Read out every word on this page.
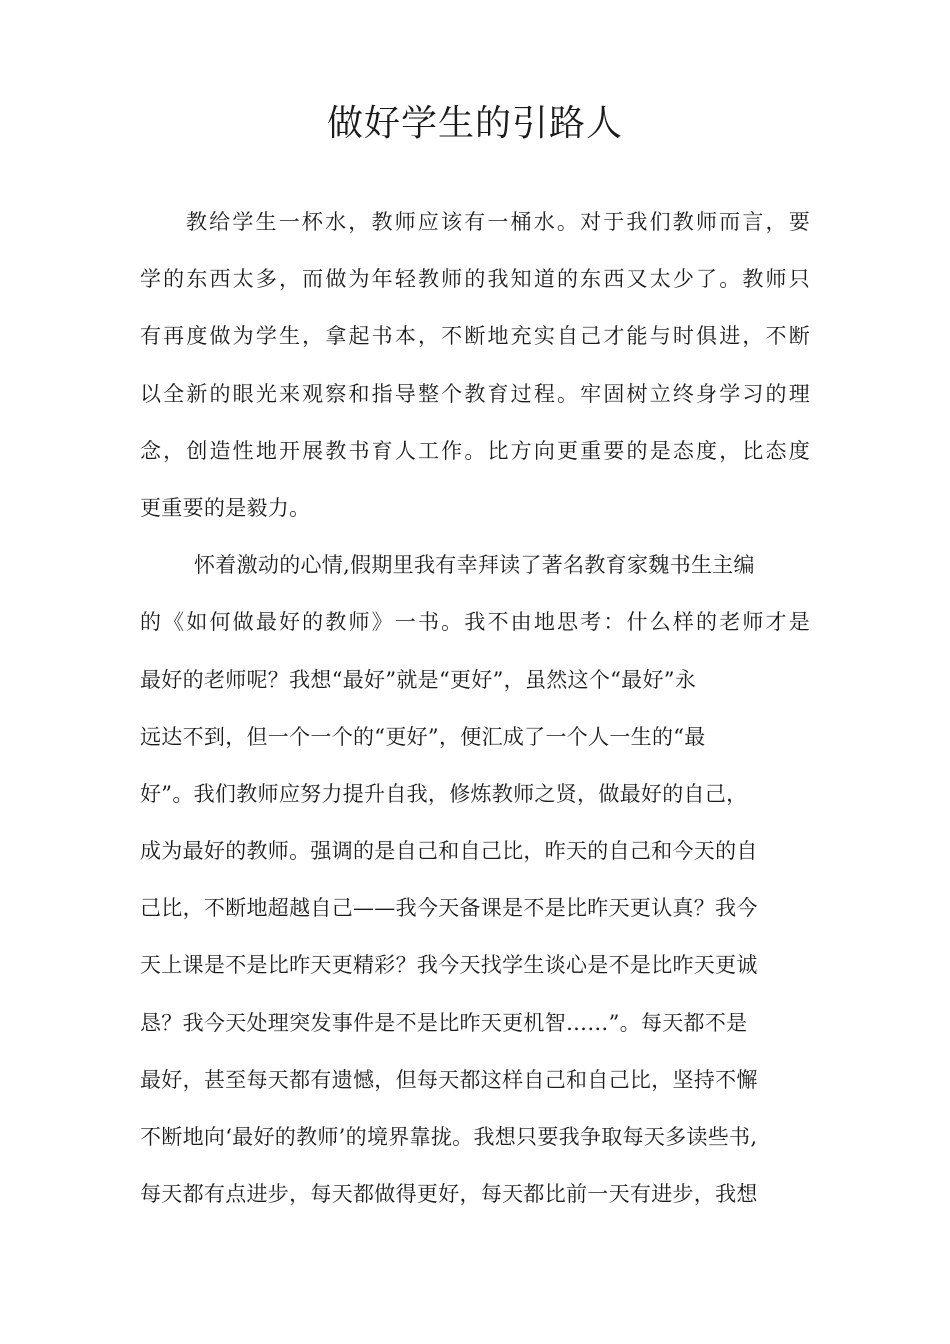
做好学生的引路人
教给学生一杯水，教师应该有一桶水。对于我们教师而言，要
学的东西太多，而做为年轻教师的我知道的东西又太少了。教师只
有再度做为学生，拿起书本，不断地充实自己才能与时俱进，不断
以全新的眼光来观察和指导整个教育过程。牢固树立终身学习的理
念，创造性地开展教书育人工作。比方向更重要的是态度，比态度
更重要的是毅力。
怀着激动的心情,假期里我有幸拜读了著名教育家魏书生主编
的《如何做最好的教师》一书。我不由地思考：什么样的老师才是
最好的老师呢？我想“最好”就是“更好”，虽然这个“最好”永
远达不到，但一个一个的“更好”，便汇成了一个人一生的“最
好”。我们教师应努力提升自我，修炼教师之贤，做最好的自己，
成为最好的教师。强调的是自己和自己比，昨天的自己和今天的自
己比，不断地超越自己——我今天备课是不是比昨天更认真？我今
天上课是不是比昨天更精彩？我今天找学生谈心是不是比昨天更诚
恳？我今天处理突发事件是不是比昨天更机智……”。每天都不是
最好，甚至每天都有遗憾，但每天都这样自己和自己比，坚持不懈
不断地向‘最好的教师’的境界靠拢。我想只要我争取每天多读些书,
每天都有点进步，每天都做得更好，每天都比前一天有进步，我想
